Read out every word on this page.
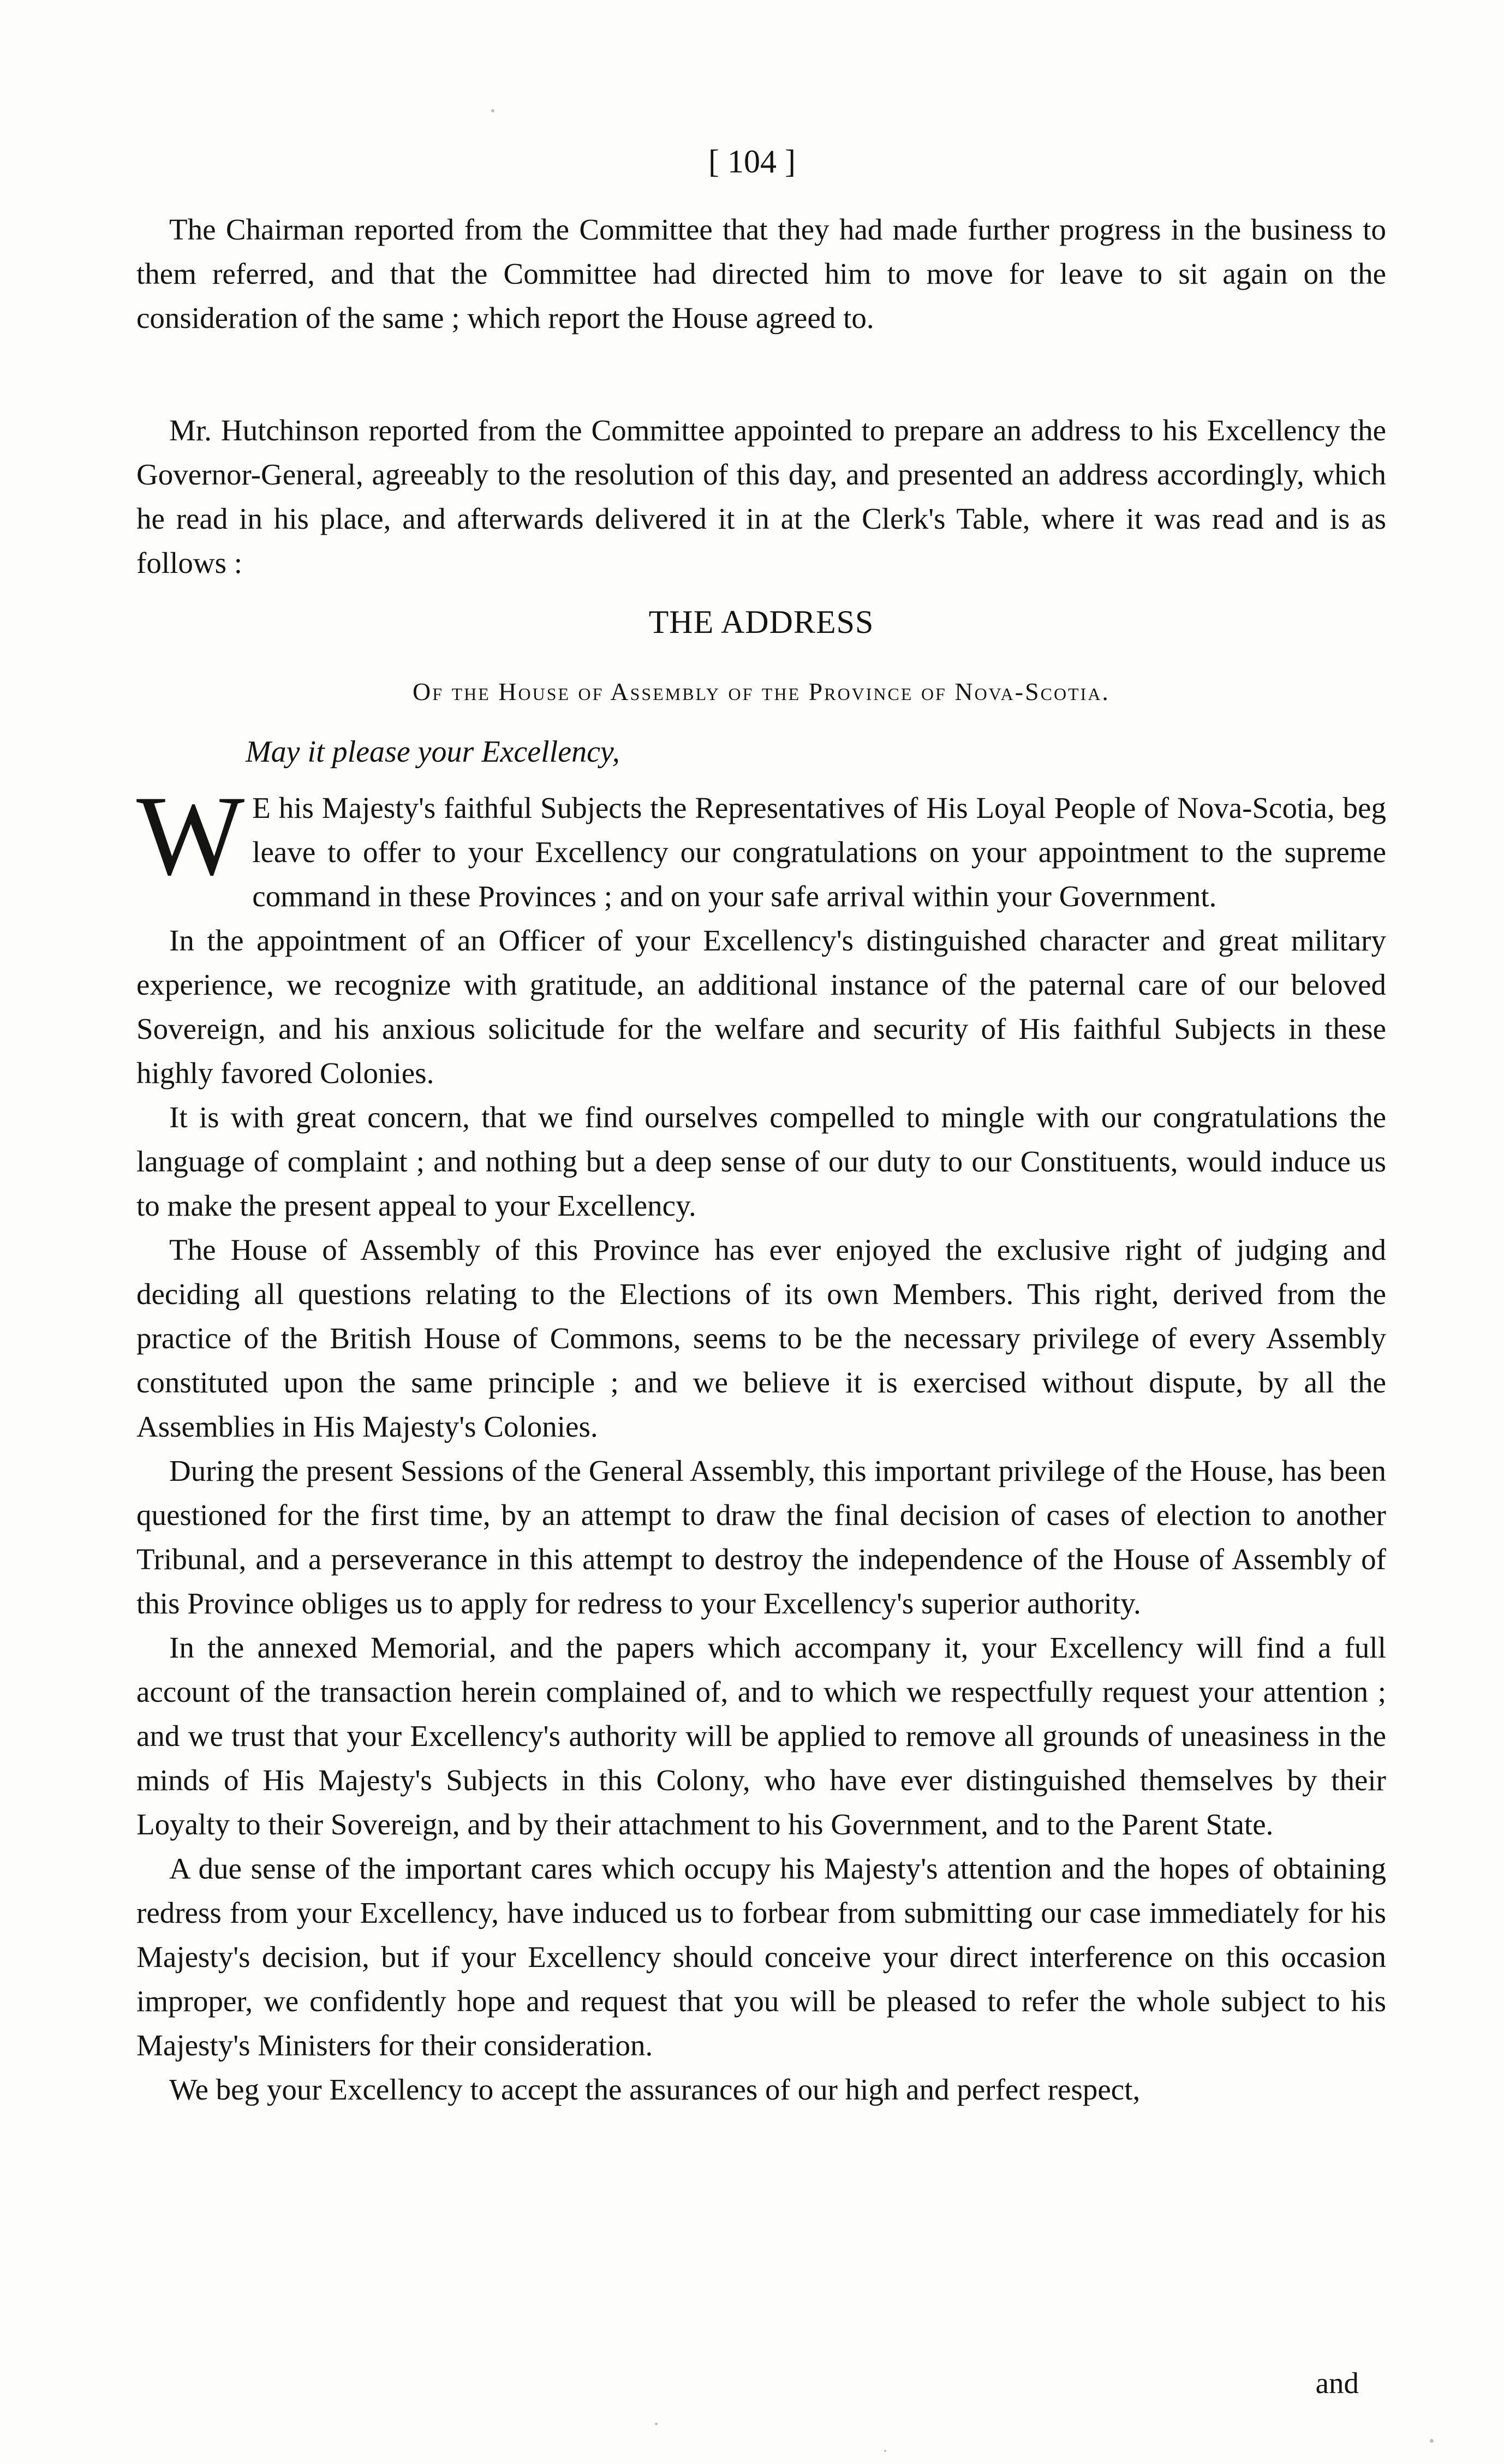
[ 104 ]

The Chairman reported from the Committee that they had made further progress in the business to them referred, and that the Committee had directed him to move for leave to sit again on the consideration of the same ; which report the House agreed to.

Mr. Hutchinson reported from the Committee appointed to prepare an address to his Excellency the Governor-General, agreeably to the resolution of this day, and presented an address accordingly, which he read in his place, and afterwards delivered it in at the Clerk's Table, where it was read and is as follows :

THE ADDRESS

Of the House of Assembly of the Province of Nova-Scotia.

May it please your Excellency,

W E his Majesty's faithful Subjects the Representatives of His Loyal People of Nova-Scotia, beg leave to offer to your Excellency our congratulations on your appointment to the supreme command in these Provinces ; and on your safe arrival within your Government.

In the appointment of an Officer of your Excellency's distinguished character and great military experience, we recognize with gratitude, an additional instance of the paternal care of our beloved Sovereign, and his anxious solicitude for the welfare and security of His faithful Subjects in these highly favored Colonies.

It is with great concern, that we find ourselves compelled to mingle with our congratulations the language of complaint ; and nothing but a deep sense of our duty to our Constituents, would induce us to make the present appeal to your Excellency.

The House of Assembly of this Province has ever enjoyed the exclusive right of judging and deciding all questions relating to the Elections of its own Members. This right, derived from the practice of the British House of Commons, seems to be the necessary privilege of every Assembly constituted upon the same principle ; and we believe it is exercised without dispute, by all the Assemblies in His Majesty's Colonies.

During the present Sessions of the General Assembly, this important privilege of the House, has been questioned for the first time, by an attempt to draw the final decision of cases of election to another Tribunal, and a perseverance in this attempt to destroy the independence of the House of Assembly of this Province obliges us to apply for redress to your Excellency's superior authority.

In the annexed Memorial, and the papers which accompany it, your Excellency will find a full account of the transaction herein complained of, and to which we respectfully request your attention ; and we trust that your Excellency's authority will be applied to remove all grounds of uneasiness in the minds of His Majesty's Subjects in this Colony, who have ever distinguished themselves by their Loyalty to their Sovereign, and by their attachment to his Government, and to the Parent State.

A due sense of the important cares which occupy his Majesty's attention and the hopes of obtaining redress from your Excellency, have induced us to forbear from submitting our case immediately for his Majesty's decision, but if your Excellency should conceive your direct interference on this occasion improper, we confidently hope and request that you will be pleased to refer the whole subject to his Majesty's Ministers for their consideration.

We beg your Excellency to accept the assurances of our high and perfect respect,

and
